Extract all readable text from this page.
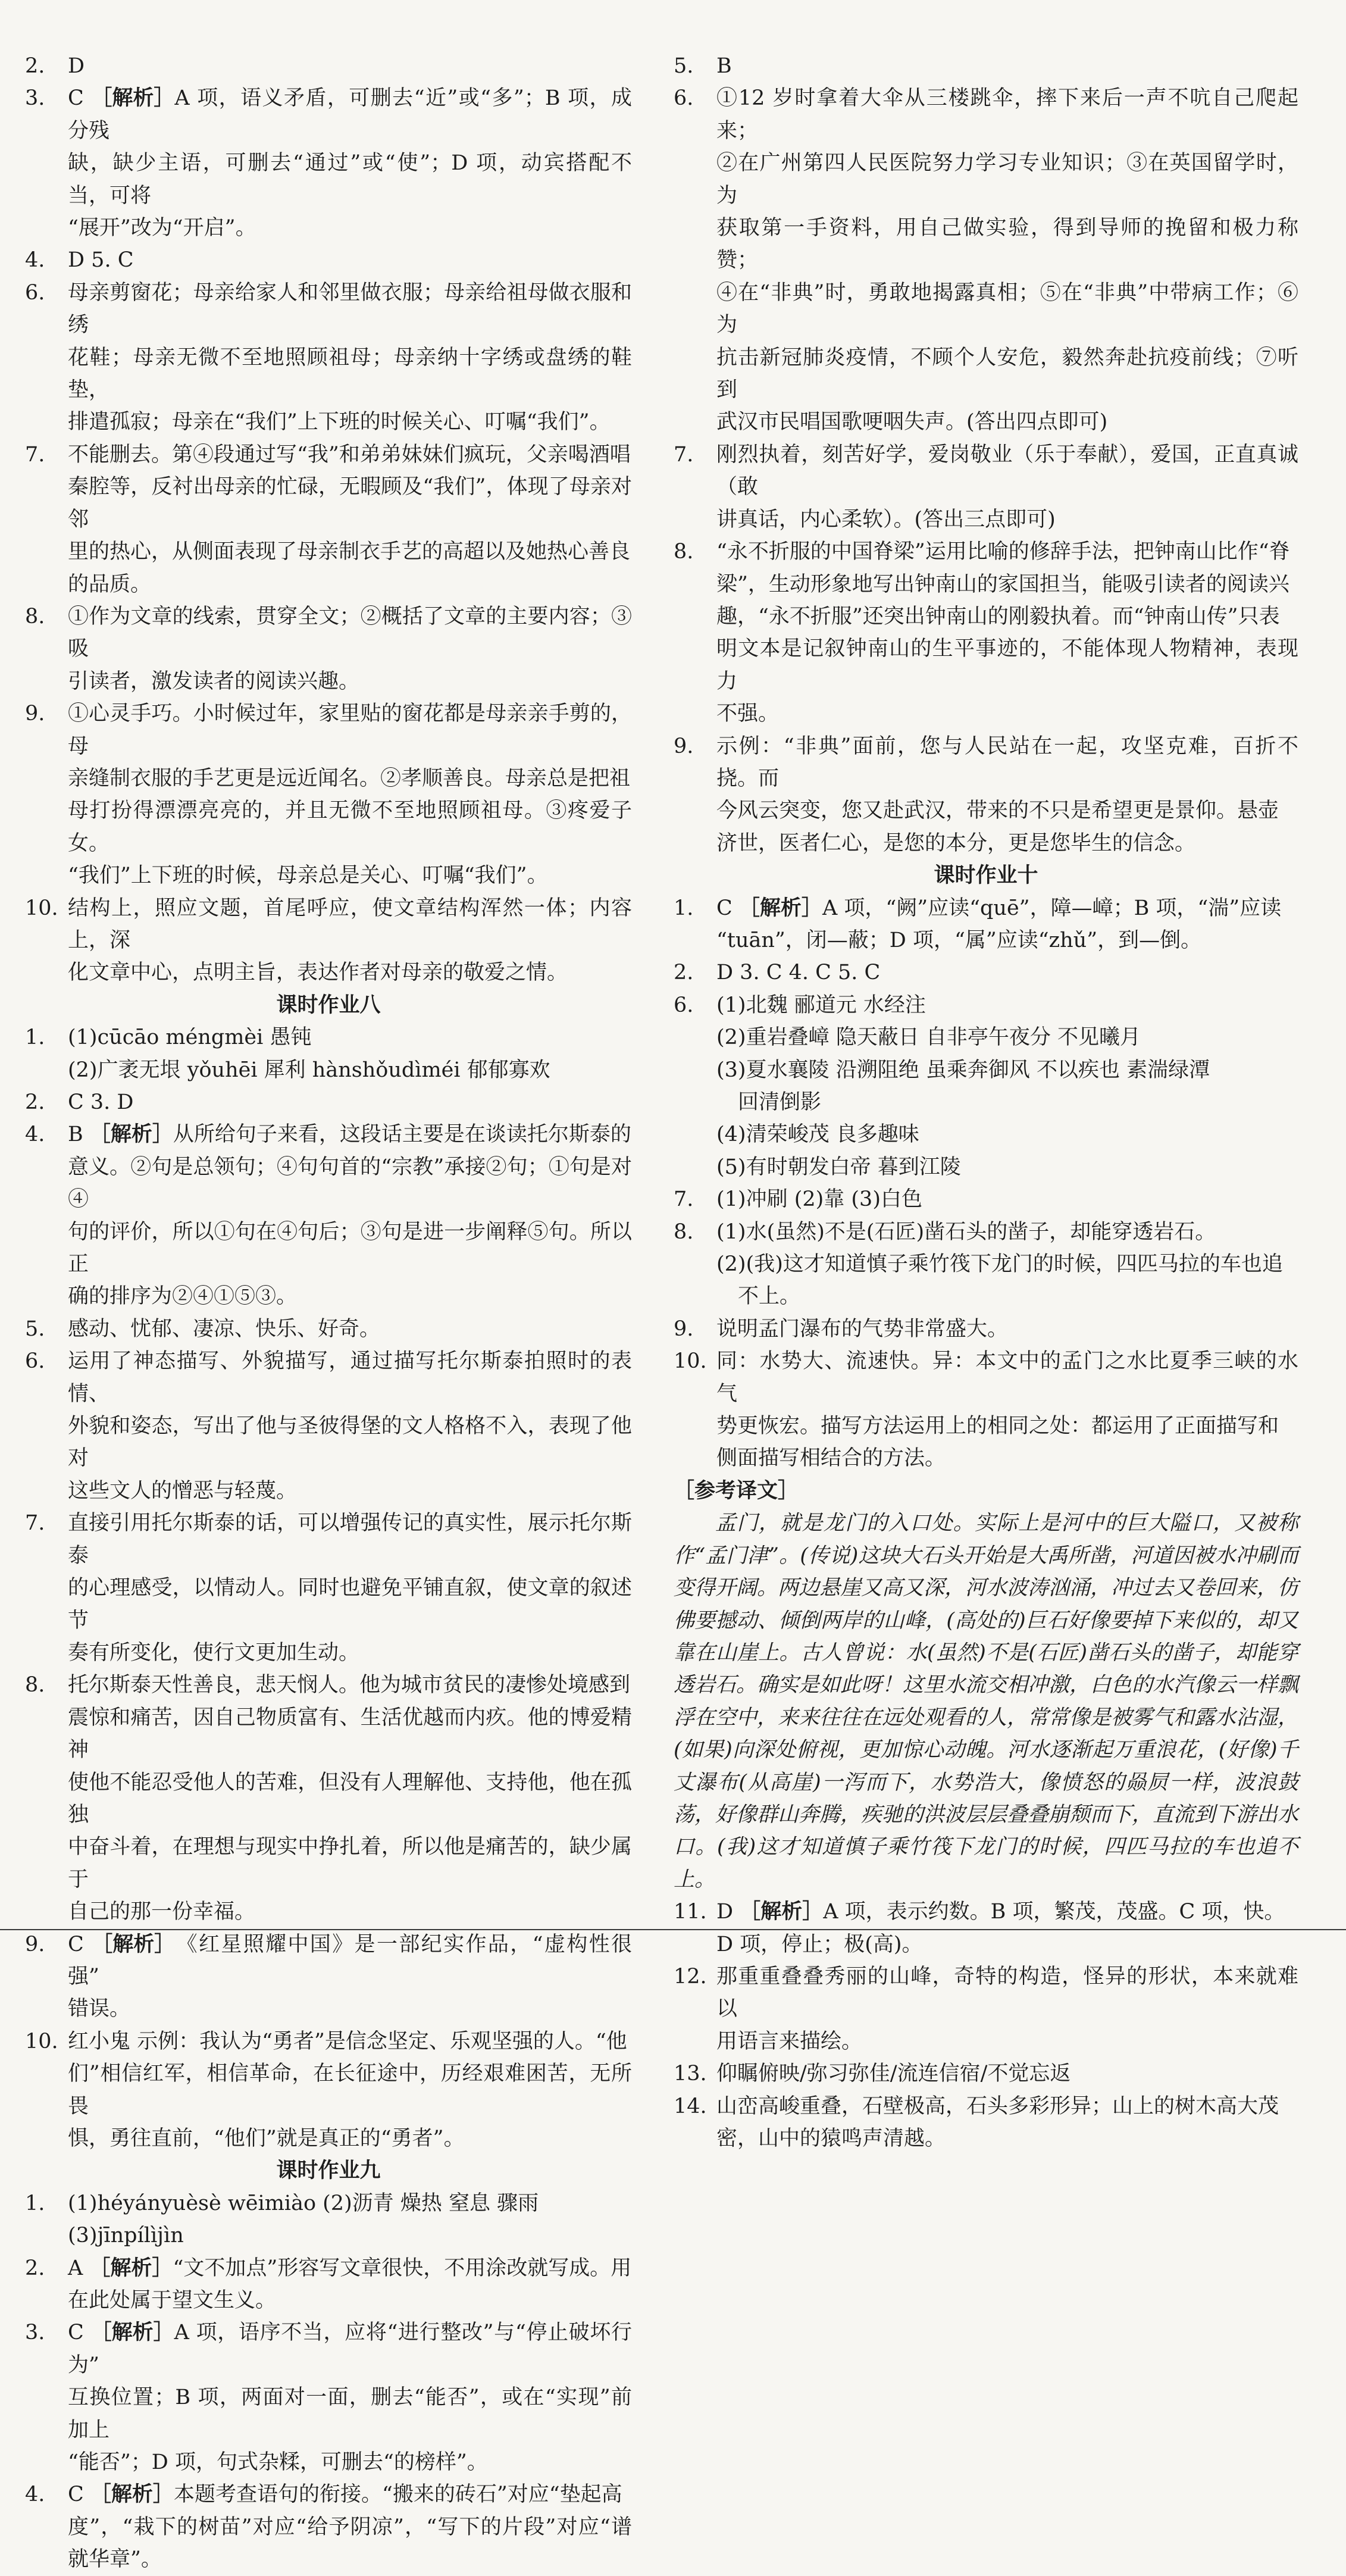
2.	D
3.	C ［解析］A 项，语义矛盾，可删去“近”或“多”；B 项，成分残
缺，缺少主语，可删去“通过”或“使”；D 项，动宾搭配不当，可将
“展开”改为“开启”。
4.	D 5. C
6.	母亲剪窗花；母亲给家人和邻里做衣服；母亲给祖母做衣服和绣
花鞋；母亲无微不至地照顾祖母；母亲纳十字绣或盘绣的鞋垫，
排遣孤寂；母亲在“我们”上下班的时候关心、叮嘱“我们”。
7.	不能删去。第④段通过写“我”和弟弟妹妹们疯玩，父亲喝酒唱
秦腔等，反衬出母亲的忙碌，无暇顾及“我们”，体现了母亲对邻
里的热心，从侧面表现了母亲制衣手艺的高超以及她热心善良
的品质。
8.	①作为文章的线索，贯穿全文；②概括了文章的主要内容；③吸
引读者，激发读者的阅读兴趣。
9.	①心灵手巧。小时候过年，家里贴的窗花都是母亲亲手剪的，母
亲缝制衣服的手艺更是远近闻名。②孝顺善良。母亲总是把祖
母打扮得漂漂亮亮的，并且无微不至地照顾祖母。③疼爱子女。
“我们”上下班的时候，母亲总是关心、叮嘱“我们”。
10. 结构上，照应文题，首尾呼应，使文章结构浑然一体；内容上，深
化文章中心，点明主旨，表达作者对母亲的敬爱之情。
课时作业八
1.	(1)cūcāo méngmèi 愚钝
(2)广袤无垠 yǒuhēi 犀利 hànshǒudìméi 郁郁寡欢
2.	C 3. D
4.	B ［解析］从所给句子来看，这段话主要是在谈读托尔斯泰的
意义。②句是总领句；④句句首的“宗教”承接②句；①句是对④
句的评价，所以①句在④句后；③句是进一步阐释⑤句。所以正
确的排序为②④①⑤③。
5.	感动、忧郁、凄凉、快乐、好奇。
6.	运用了神态描写、外貌描写，通过描写托尔斯泰拍照时的表情、
外貌和姿态，写出了他与圣彼得堡的文人格格不入，表现了他对
这些文人的憎恶与轻蔑。
7.	直接引用托尔斯泰的话，可以增强传记的真实性，展示托尔斯泰
的心理感受，以情动人。同时也避免平铺直叙，使文章的叙述节
奏有所变化，使行文更加生动。
8.	托尔斯泰天性善良，悲天悯人。他为城市贫民的凄惨处境感到
震惊和痛苦，因自己物质富有、生活优越而内疚。他的博爱精神
使他不能忍受他人的苦难，但没有人理解他、支持他，他在孤独
中奋斗着，在理想与现实中挣扎着，所以他是痛苦的，缺少属于
自己的那一份幸福。
9.	C ［解析］《红星照耀中国》是一部纪实作品，“虚构性很强”
错误。
10. 红小鬼 示例：我认为“勇者”是信念坚定、乐观坚强的人。“他
们”相信红军，相信革命，在长征途中，历经艰难困苦，无所畏
惧，勇往直前，“他们”就是真正的“勇者”。
课时作业九
1.	(1)héyányuèsè wēimiào (2)沥青 燥热 窒息 骤雨
(3)jīnpílìjìn
2.	A ［解析］“文不加点”形容写文章很快，不用涂改就写成。用
在此处属于望文生义。
3.	C ［解析］A 项，语序不当，应将“进行整改”与“停止破坏行为”
互换位置；B 项，两面对一面，删去“能否”，或在“实现”前加上
“能否”；D 项，句式杂糅，可删去“的榜样”。
4.	C ［解析］本题考查语句的衔接。“搬来的砖石”对应“垫起高
度”，“栽下的树苗”对应“给予阴凉”，“写下的片段”对应“谱就华章”。
5.	B
6.	①12 岁时拿着大伞从三楼跳伞，摔下来后一声不吭自己爬起来；
②在广州第四人民医院努力学习专业知识；③在英国留学时，为
获取第一手资料，用自己做实验，得到导师的挽留和极力称赞；
④在“非典”时，勇敢地揭露真相；⑤在“非典”中带病工作；⑥为
抗击新冠肺炎疫情，不顾个人安危，毅然奔赴抗疫前线；⑦听到
武汉市民唱国歌哽咽失声。(答出四点即可)
7.	刚烈执着，刻苦好学，爱岗敬业（乐于奉献），爱国，正直真诚（敢
讲真话，内心柔软）。(答出三点即可)
8.	“永不折服的中国脊梁”运用比喻的修辞手法，把钟南山比作“脊
梁”，生动形象地写出钟南山的家国担当，能吸引读者的阅读兴
趣，“永不折服”还突出钟南山的刚毅执着。而“钟南山传”只表
明文本是记叙钟南山的生平事迹的，不能体现人物精神，表现力
不强。
9.	示例：“非典”面前，您与人民站在一起，攻坚克难，百折不挠。而
今风云突变，您又赴武汉，带来的不只是希望更是景仰。悬壶
济世，医者仁心，是您的本分，更是您毕生的信念。
课时作业十
1.	C ［解析］A 项，“阙”应读“quē”，障—嶂；B 项，“湍”应读
“tuān”，闭—蔽；D 项，“属”应读“zhǔ”，到—倒。
2.	D 3. C 4. C 5. C
6.	(1)北魏 郦道元 水经注
(2)重岩叠嶂 隐天蔽日 自非亭午夜分 不见曦月
(3)夏水襄陵 沿溯阻绝 虽乘奔御风 不以疾也 素湍绿潭
回清倒影
(4)清荣峻茂 良多趣味
(5)有时朝发白帝 暮到江陵
7.	(1)冲刷 (2)靠 (3)白色
8.	(1)水(虽然)不是(石匠)凿石头的凿子，却能穿透岩石。
(2)(我)这才知道慎子乘竹筏下龙门的时候，四匹马拉的车也追
不上。
9.	说明孟门瀑布的气势非常盛大。
10. 同：水势大、流速快。异：本文中的孟门之水比夏季三峡的水气
势更恢宏。描写方法运用上的相同之处：都运用了正面描写和
侧面描写相结合的方法。
［参考译文］
孟门，就是龙门的入口处。实际上是河中的巨大隘口，又被称作“孟门津”。(传说)这块大石头开始是大禹所凿，河道因被水冲刷而变得开阔。两边悬崖又高又深，河水波涛汹涌，冲过去又卷回来，仿佛要撼动、倾倒两岸的山峰，(高处的)巨石好像要掉下来似的，却又靠在山崖上。古人曾说：水(虽然)不是(石匠)凿石头的凿子，却能穿透岩石。确实是如此呀！这里水流交相冲激，白色的水汽像云一样飘浮在空中，来来往往在远处观看的人，常常像是被雾气和露水沾湿，(如果)向深处俯视，更加惊心动魄。河水逐渐起万重浪花，(好像)千丈瀑布(从高崖)一泻而下，水势浩大，像愤怒的赑屃一样，波浪鼓荡，好像群山奔腾，疾驰的洪波层层叠叠崩颓而下，直流到下游出水口。(我)这才知道慎子乘竹筏下龙门的时候，四匹马拉的车也追不上。
11. D ［解析］A 项，表示约数。B 项，繁茂，茂盛。C 项，快。
D 项，停止；极(高)。
12. 那重重叠叠秀丽的山峰，奇特的构造，怪异的形状，本来就难以
用语言来描绘。
13. 仰瞩俯映/弥习弥佳/流连信宿/不觉忘返
14. 山峦高峻重叠，石壁极高，石头多彩形异；山上的树木高大茂
密，山中的猿鸣声清越。
